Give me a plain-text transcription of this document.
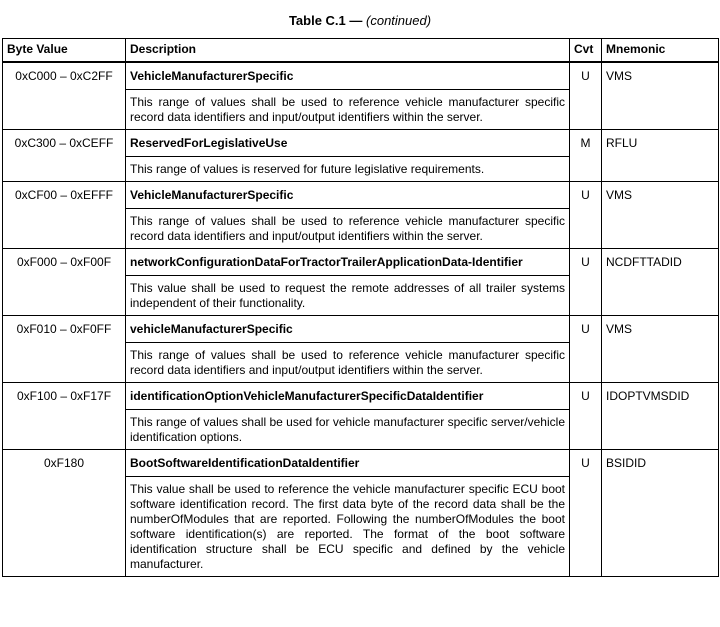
Table C.1 — (continued)
Byte Value	Description	Cvt	Mnemonic
0xC000 – 0xC2FF	VehicleManufacturerSpecific
This range of values shall be used to reference vehicle manufacturer specific record data identifiers and input/output identifiers within the server.	U	VMS
0xC300 – 0xCEFF	ReservedForLegislativeUse
This range of values is reserved for future legislative requirements.	M	RFLU
0xCF00 – 0xEFFF	VehicleManufacturerSpecific
This range of values shall be used to reference vehicle manufacturer specific record data identifiers and input/output identifiers within the server.	U	VMS
0xF000 – 0xF00F	networkConfigurationDataForTractorTrailerApplicationData-Identifier
This value shall be used to request the remote addresses of all trailer systems independent of their functionality.	U	NCDFTTADID
0xF010 – 0xF0FF	vehicleManufacturerSpecific
This range of values shall be used to reference vehicle manufacturer specific record data identifiers and input/output identifiers within the server.	U	VMS
0xF100 – 0xF17F	identificationOptionVehicleManufacturerSpecificDataIdentifier
This range of values shall be used for vehicle manufacturer specific server/vehicle identification options.	U	IDOPTVMSDID
0xF180	BootSoftwareIdentificationDataIdentifier
This value shall be used to reference the vehicle manufacturer specific ECU boot software identification record. The first data byte of the record data shall be the numberOfModules that are reported. Following the numberOfModules the boot software identification(s) are reported. The format of the boot software identification structure shall be ECU specific and defined by the vehicle manufacturer.	U	BSIDID
